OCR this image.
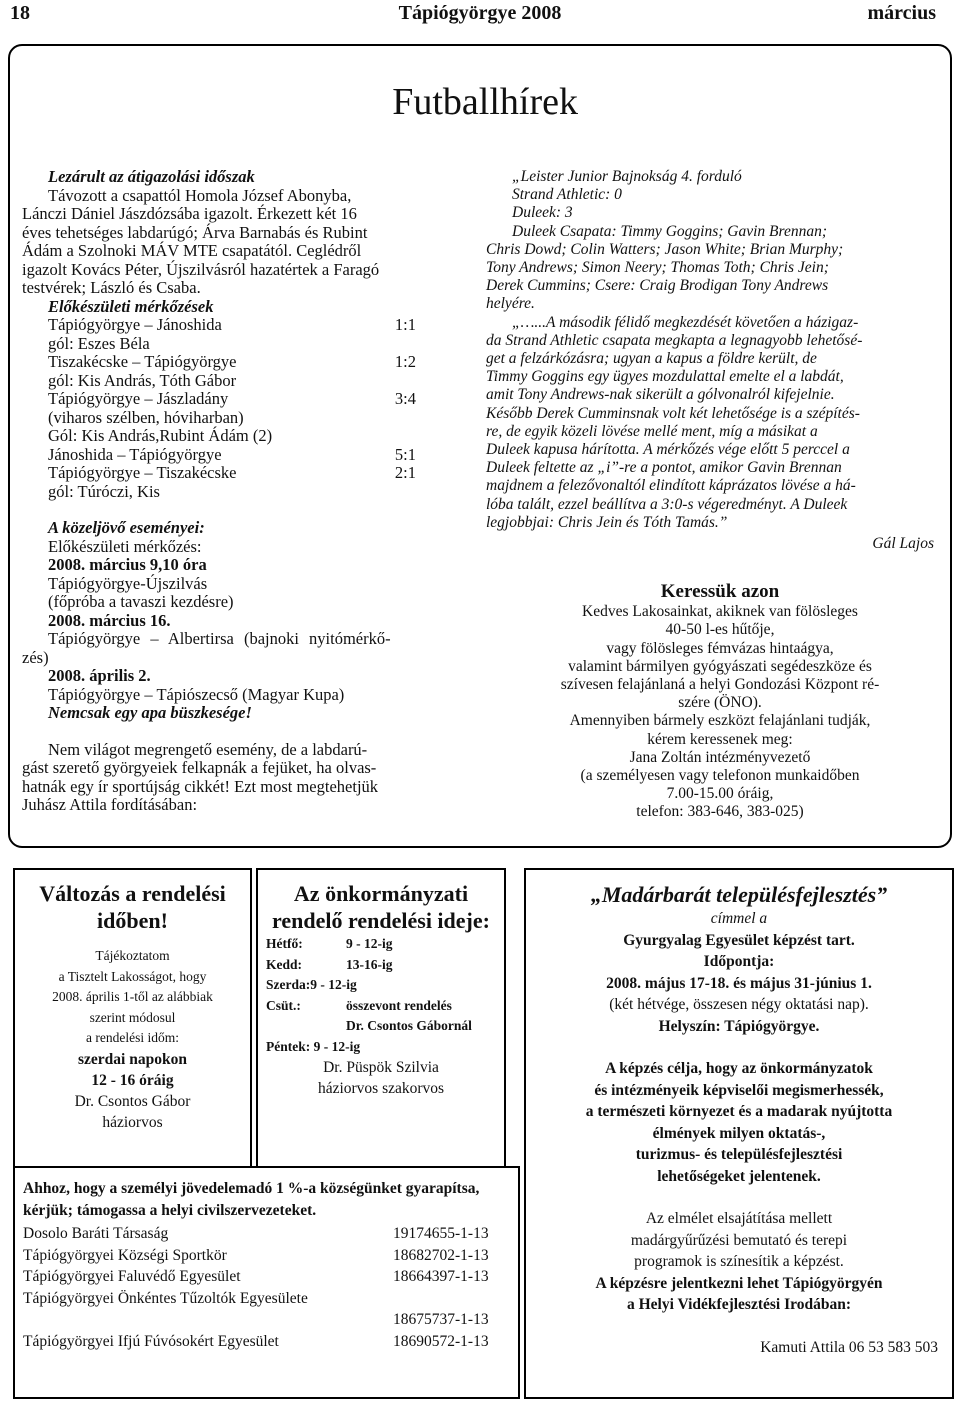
18	Tápiógyörgye 2008	március
Futballhírek

Lezárult az átigazolási időszak

Távozott a csapattól Homola József Abonyba,

Lánczi Dániel Jászdózsába igazolt. Érkezett két 16

éves tehetséges labdarúgó; Árva Barnabás és Rubint

Ádám a Szolnoki MÁV MTE csapatától. Ceglédről

igazolt Kovács Péter, Újszilvásról hazatértek a Faragó

testvérek; László és Csaba.

Előkészületi mérkőzések

Tápiógyörgye – Jánoshida	1:1

gól: Eszes Béla

Tiszakécske – Tápiógyörgye	1:2

gól: Kis András, Tóth Gábor

Tápiógyörgye – Jászladány	3:4

(viharos szélben, hóviharban)

Gól: Kis András,Rubint Ádám (2)

Jánoshida – Tápiógyörgye	5:1
Tápiógyörgye – Tiszakécske	2:1

gól: Túróczi, Kis

A közeljövő eseményei:

Előkészületi mérkőzés:

2008. március 9,10 óra

Tápiógyörgye-Újszilvás

(főpróba a tavaszi kezdésre)

2008. március 16.

Tápiógyörgye – Albertirsa (bajnoki nyitómérkő-

zés)

2008. április 2.

Tápiógyörgye – Tápiószecső (Magyar Kupa)

Nemcsak egy apa büszkesége!

Nem világot megrengető esemény, de a labdarú-

gást szerető györgyeiek felkapnák a fejüket, ha olvas-

hatnák egy ír sportújság cikkét! Ezt most megtehetjük

Juhász Attila fordításában:

„Leister Junior Bajnokság 4. forduló

Strand Athletic: 0

Duleek: 3

Duleek Csapata: Timmy Goggins; Gavin Brennan;

Chris Dowd; Colin Watters; Jason White; Brian Murphy;

Tony Andrews; Simon Neery; Thomas Toth; Chris Jein;

Derek Cummins; Csere: Craig Brodigan Tony Andrews

helyére.

„…...A második félidő megkezdését követően a házigaz-

da Strand Athletic csapata megkapta a legnagyobb lehetősé-

get a felzárkózásra; ugyan a kapus a földre került, de

Timmy Goggins egy ügyes mozdulattal emelte el a labdát,

amit Tony Andrews-nak sikerült a gólvonalról kifejelnie.

Később Derek Cumminsnak volt két lehetősége is a szépítés-

re, de egyik közeli lövése mellé ment, míg a másikat a

Duleek kapusa hárította. A mérkőzés vége előtt 5 perccel a

Duleek feltette az „i”-re a pontot, amikor Gavin Brennan

majdnem a felezővonaltól elindított káprázatos lövése a há-

lóba talált, ezzel beállítva a 3:0-s végeredményt. A Duleek

legjobbjai: Chris Jein és Tóth Tamás.”

Gál Lajos

Keressük azon
Kedves Lakosainkat, akiknek van fölösleges
40-50 l-es hűtője,
vagy fölösleges fémvázas hintaágya,
valamint bármilyen gyógyászati segédeszköze és
szívesen felajánlaná a helyi Gondozási Központ ré-
szére (ÖNO).
Amennyiben bármely eszközt felajánlani tudják,
kérem keressenek meg:
Jana Zoltán intézményvezető
(a személyesen vagy telefonon munkaidőben
7.00-15.00 óráig,
telefon: 383-646, 383-025)
Változás a rendelési időben!
Tájékoztatom
a Tisztelt Lakosságot, hogy
2008. április 1-től az alábbiak
szerint módosul
a rendelési időm:
szerdai napokon
12 - 16 óráig
Dr. Csontos Gábor
háziorvos
Az önkormányzati rendelő rendelési ideje:
Hétfő:	9 - 12-ig
Kedd:	13-16-ig
Szerda:9 - 12-ig
Csüt.:	összevont rendelés
Dr. Csontos Gábornál
Péntek: 9 - 12-ig
Dr. Püspök Szilvia
háziorvos szakorvos
„Madárbarát településfejlesztés”

címmel a

Gyurgyalag Egyesület képzést tart.

Időpontja:

2008. május 17-18. és május 31-június 1.

(két hétvége, összesen négy oktatási nap).

Helyszín: Tápiógyörgye.

A képzés célja, hogy az önkormányzatok

és intézményeik képviselői megismerhessék,

a természeti környezet és a madarak nyújtotta

élmények milyen oktatás-,

turizmus- és településfejlesztési

lehetőségeket jelentenek.

Az elmélet elsajátítása mellett

madárgyűrűzési bemutató és terepi

programok is színesítik a képzést.

A képzésre jelentkezni lehet Tápiógyörgyén

a Helyi Vidékfejlesztési Irodában:

Kamuti Attila 06 53 583 503

Ahhoz, hogy a személyi jövedelemadó 1 %-a községünket gyarapítsa, kérjük; támogassa a helyi civilszervezeteket.
Dosolo Baráti Társaság	19174655-1-13
Tápiógyörgyei Községi Sportkör	18682702-1-13
Tápiógyörgyei Faluvédő Egyesület	18664397-1-13
Tápiógyörgyei Önkéntes Tűzoltók Egyesülete
18675737-1-13
Tápiógyörgyei Ifjú Fúvósokért Egyesület	18690572-1-13
